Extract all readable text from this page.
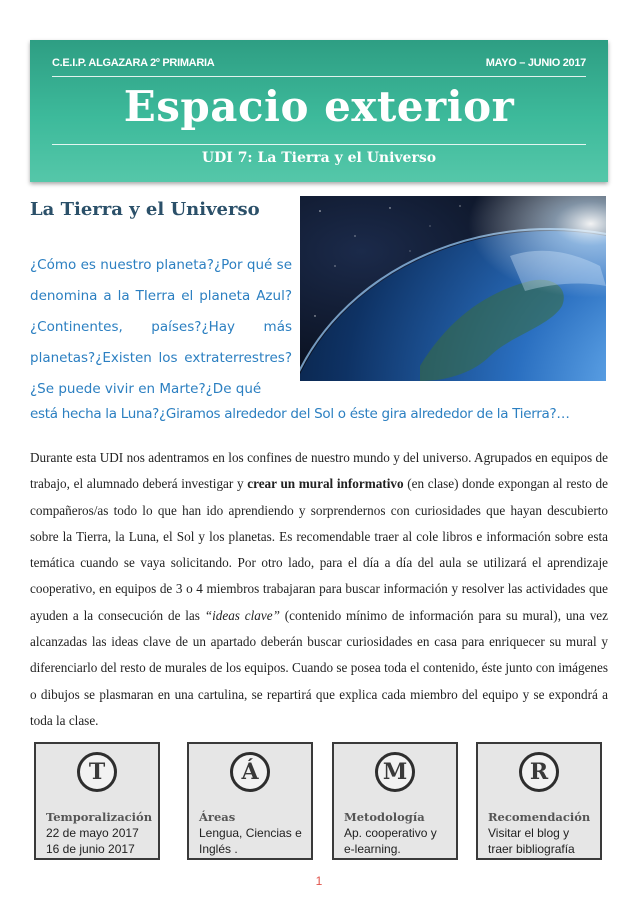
C.E.I.P. ALGAZARA 2º PRIMARIA	MAYO – JUNIO 2017
Espacio exterior
UDI 7: La Tierra y el Universo
La Tierra y el Universo
¿Cómo es nuestro planeta?¿Por qué se denomina a la TIerra el planeta Azul?¿Continentes, países?¿Hay más planetas?¿Existen los extraterrestres? ¿Se puede vivir en Marte?¿De qué
está hecha la Luna?¿Giramos alrededor del Sol o éste gira alrededor de la Tierra?…
Durante esta UDI nos adentramos en los confines de nuestro mundo y del universo. Agrupados en equipos de trabajo, el alumnado deberá investigar y crear un mural informativo (en clase) donde expongan al resto de compañeros/as todo lo que han ido aprendiendo y sorprendernos con curiosidades que hayan descubierto sobre la Tierra, la Luna, el Sol y los planetas. Es recomendable traer al cole libros e información sobre esta temática cuando se vaya solicitando. Por otro lado, para el día a día del aula se utilizará el aprendizaje cooperativo, en equipos de 3 o 4 miembros trabajaran para buscar información y resolver las actividades que ayuden a la consecución de las “ideas clave” (contenido mínimo de información para su mural), una vez alcanzadas las ideas clave de un apartado deberán buscar curiosidades en casa para enriquecer su mural y diferenciarlo del resto de murales de los equipos. Cuando se posea toda el contenido, éste junto con imágenes o dibujos se plasmaran en una cartulina, se repartirá que explica cada miembro del equipo y se expondrá a toda la clase.
T
Temporalización
22 de mayo 2017
16 de junio 2017
Á
Áreas
Lengua, Ciencias e
Inglés .
M
Metodología
Ap. cooperativo y
e-learning.
R
Recomendación
Visitar el blog y
traer bibliografía
1
